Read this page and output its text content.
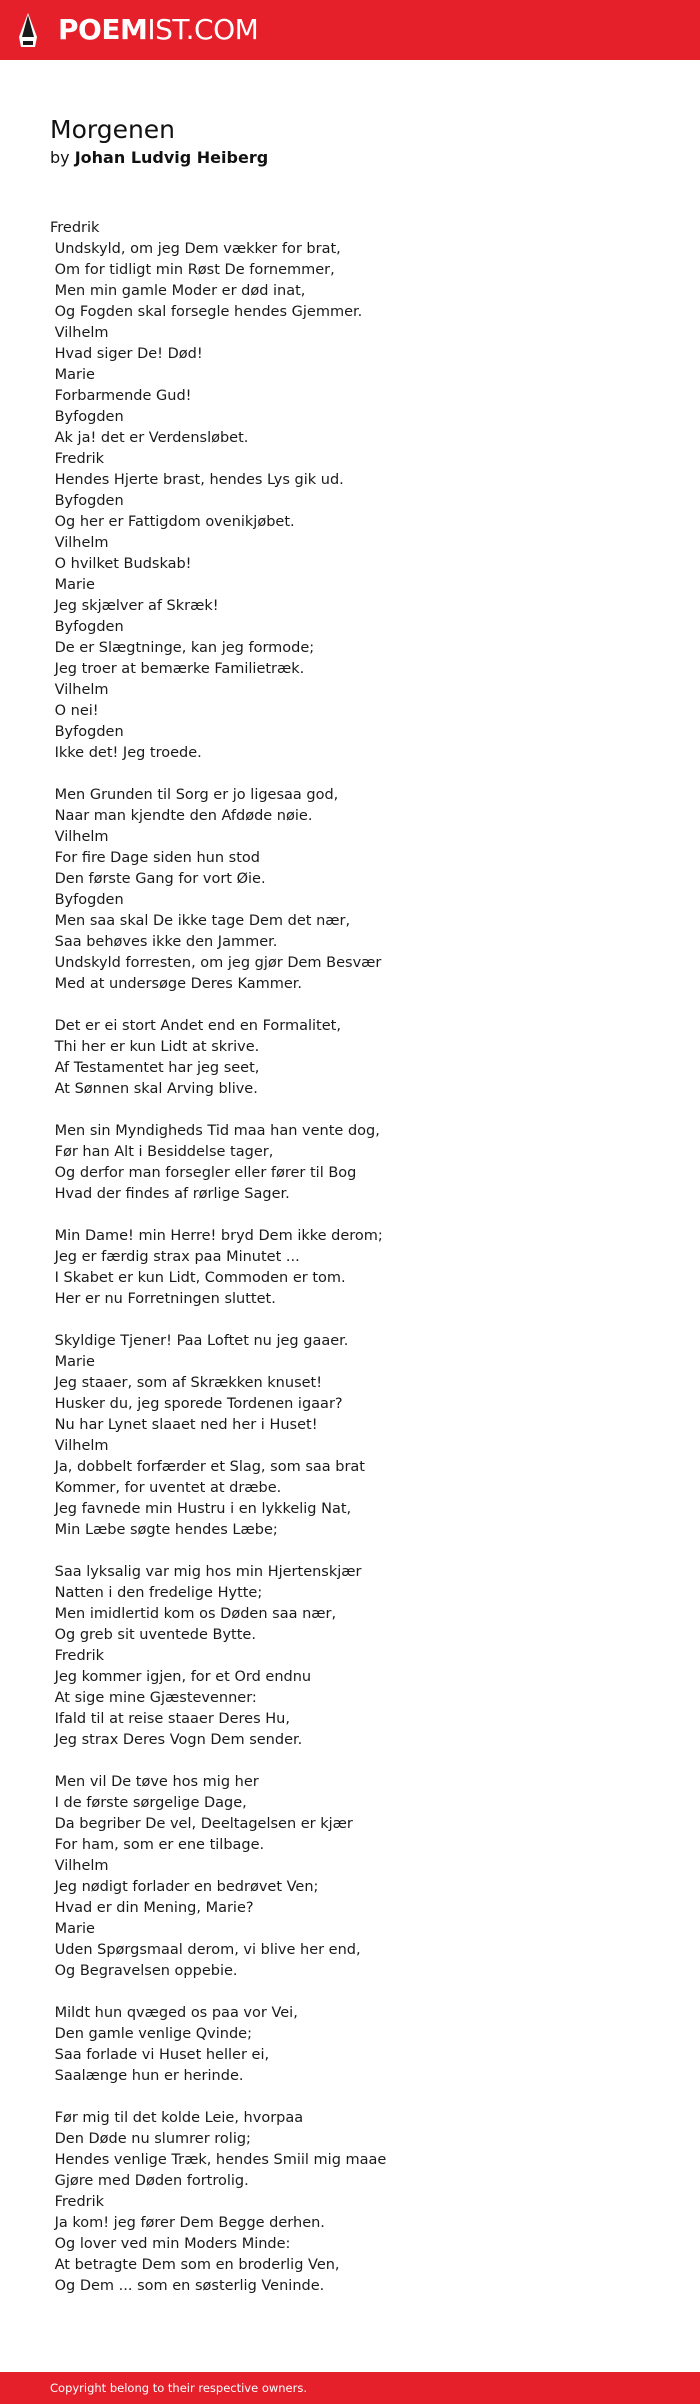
POEMIST.COM
Morgenen
by Johan Ludvig Heiberg
Fredrik
Undskyld, om jeg Dem vækker for brat,
Om for tidligt min Røst De fornemmer,
Men min gamle Moder er død inat,
Og Fogden skal forsegle hendes Gjemmer.
Vilhelm
Hvad siger De! Død!
Marie
Forbarmende Gud!
Byfogden
Ak ja! det er Verdensløbet.
Fredrik
Hendes Hjerte brast, hendes Lys gik ud.
Byfogden
Og her er Fattigdom ovenikjøbet.
Vilhelm
O hvilket Budskab!
Marie
Jeg skjælver af Skræk!
Byfogden
De er Slægtninge, kan jeg formode;
Jeg troer at bemærke Familietræk.
Vilhelm
O nei!
Byfogden
Ikke det! Jeg troede.
Men Grunden til Sorg er jo ligesaa god,
Naar man kjendte den Afdøde nøie.
Vilhelm
For fire Dage siden hun stod
Den første Gang for vort Øie.
Byfogden
Men saa skal De ikke tage Dem det nær,
Saa behøves ikke den Jammer.
Undskyld forresten, om jeg gjør Dem Besvær
Med at undersøge Deres Kammer.
Det er ei stort Andet end en Formalitet,
Thi her er kun Lidt at skrive.
Af Testamentet har jeg seet,
At Sønnen skal Arving blive.
Men sin Myndigheds Tid maa han vente dog,
Før han Alt i Besiddelse tager,
Og derfor man forsegler eller fører til Bog
Hvad der findes af rørlige Sager.
Min Dame! min Herre! bryd Dem ikke derom;
Jeg er færdig strax paa Minutet ...
I Skabet er kun Lidt, Commoden er tom.
Her er nu Forretningen sluttet.
Skyldige Tjener! Paa Loftet nu jeg gaaer.
Marie
Jeg staaer, som af Skrækken knuset!
Husker du, jeg sporede Tordenen igaar?
Nu har Lynet slaaet ned her i Huset!
Vilhelm
Ja, dobbelt forfærder et Slag, som saa brat
Kommer, for uventet at dræbe.
Jeg favnede min Hustru i en lykkelig Nat,
Min Læbe søgte hendes Læbe;
Saa lyksalig var mig hos min Hjertenskjær
Natten i den fredelige Hytte;
Men imidlertid kom os Døden saa nær,
Og greb sit uventede Bytte.
Fredrik
Jeg kommer igjen, for et Ord endnu
At sige mine Gjæstevenner:
Ifald til at reise staaer Deres Hu,
Jeg strax Deres Vogn Dem sender.
Men vil De tøve hos mig her
I de første sørgelige Dage,
Da begriber De vel, Deeltagelsen er kjær
For ham, som er ene tilbage.
Vilhelm
Jeg nødigt forlader en bedrøvet Ven;
Hvad er din Mening, Marie?
Marie
Uden Spørgsmaal derom, vi blive her end,
Og Begravelsen oppebie.
Mildt hun qvæged os paa vor Vei,
Den gamle venlige Qvinde;
Saa forlade vi Huset heller ei,
Saalænge hun er herinde.
Før mig til det kolde Leie, hvorpaa
Den Døde nu slumrer rolig;
Hendes venlige Træk, hendes Smiil mig maae
Gjøre med Døden fortrolig.
Fredrik
Ja kom! jeg fører Dem Begge derhen.
Og lover ved min Moders Minde:
At betragte Dem som en broderlig Ven,
Og Dem ... som en søsterlig Veninde.
Copyright belong to their respective owners.
